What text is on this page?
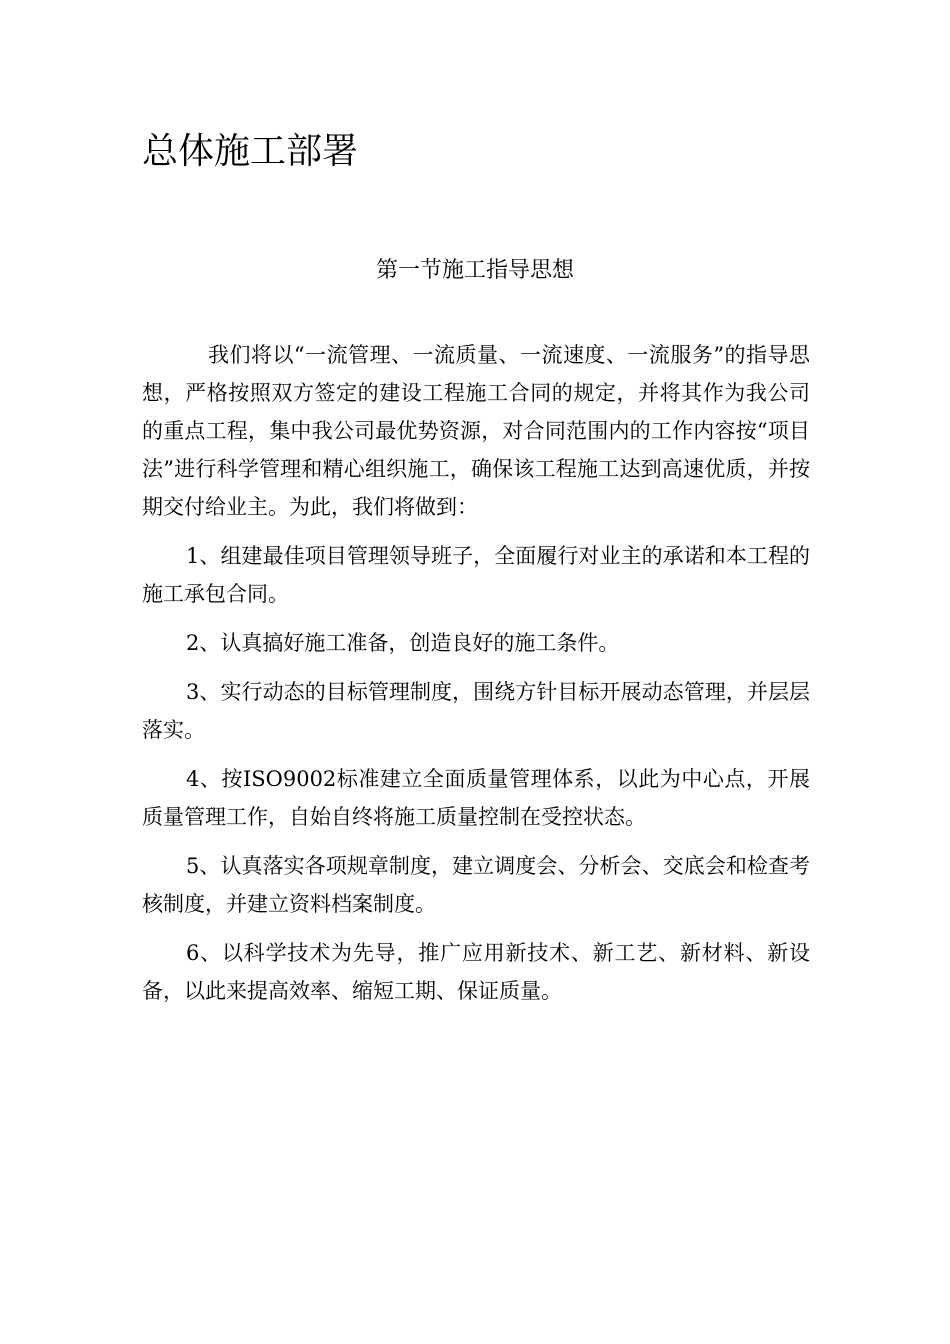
总体施工部署
第一节施工指导思想

我们将以“一流管理、一流质量、一流速度、一流服务”的指导思想，严格按照双方签定的建设工程施工合同的规定，并将其作为我公司的重点工程，集中我公司最优势资源，对合同范围内的工作内容按“项目法”进行科学管理和精心组织施工，确保该工程施工达到高速优质，并按期交付给业主。为此，我们将做到：

1、组建最佳项目管理领导班子，全面履行对业主的承诺和本工程的施工承包合同。

2、认真搞好施工准备，创造良好的施工条件。

3、实行动态的目标管理制度，围绕方针目标开展动态管理，并层层落实。

4、按ISO9002标准建立全面质量管理体系，以此为中心点，开展质量管理工作，自始自终将施工质量控制在受控状态。

5、认真落实各项规章制度，建立调度会、分析会、交底会和检查考核制度，并建立资料档案制度。

6、以科学技术为先导，推广应用新技术、新工艺、新材料、新设备，以此来提高效率、缩短工期、保证质量。
